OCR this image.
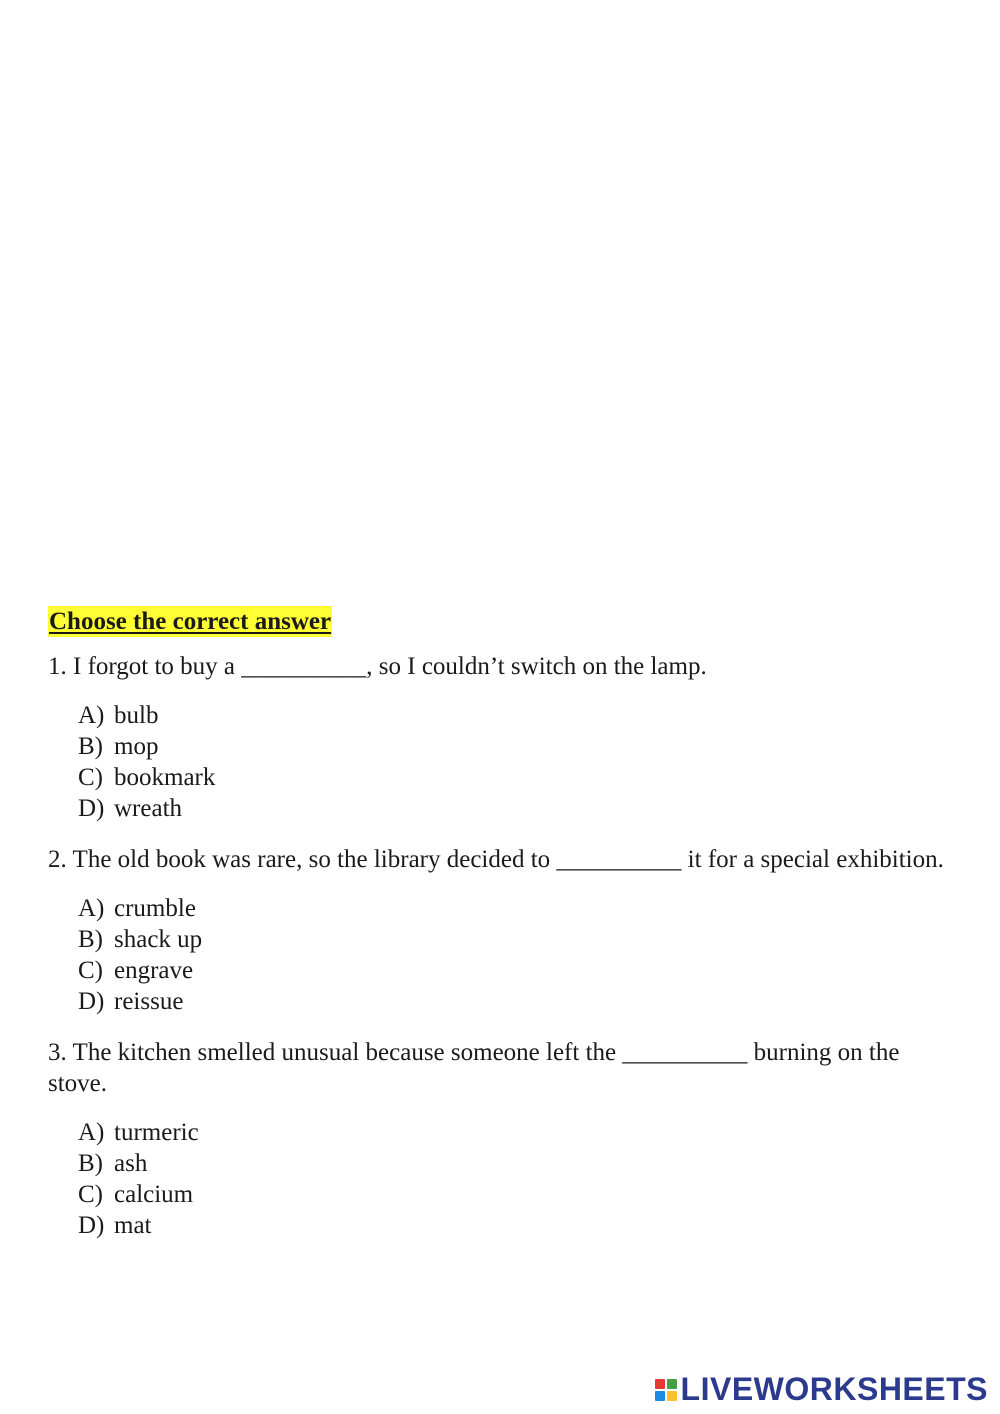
Choose the correct answer

1. I forgot to buy a __________, so I couldn’t switch on the lamp.

A) bulb
B) mop
C) bookmark
D) wreath

2. The old book was rare, so the library decided to __________ it for a special exhibition.

A) crumble
B) shack up
C) engrave
D) reissue

3. The kitchen smelled unusual because someone left the __________ burning on the stove.

A) turmeric
B) ash
C) calcium
D) mat
LIVEWORKSHEETS
